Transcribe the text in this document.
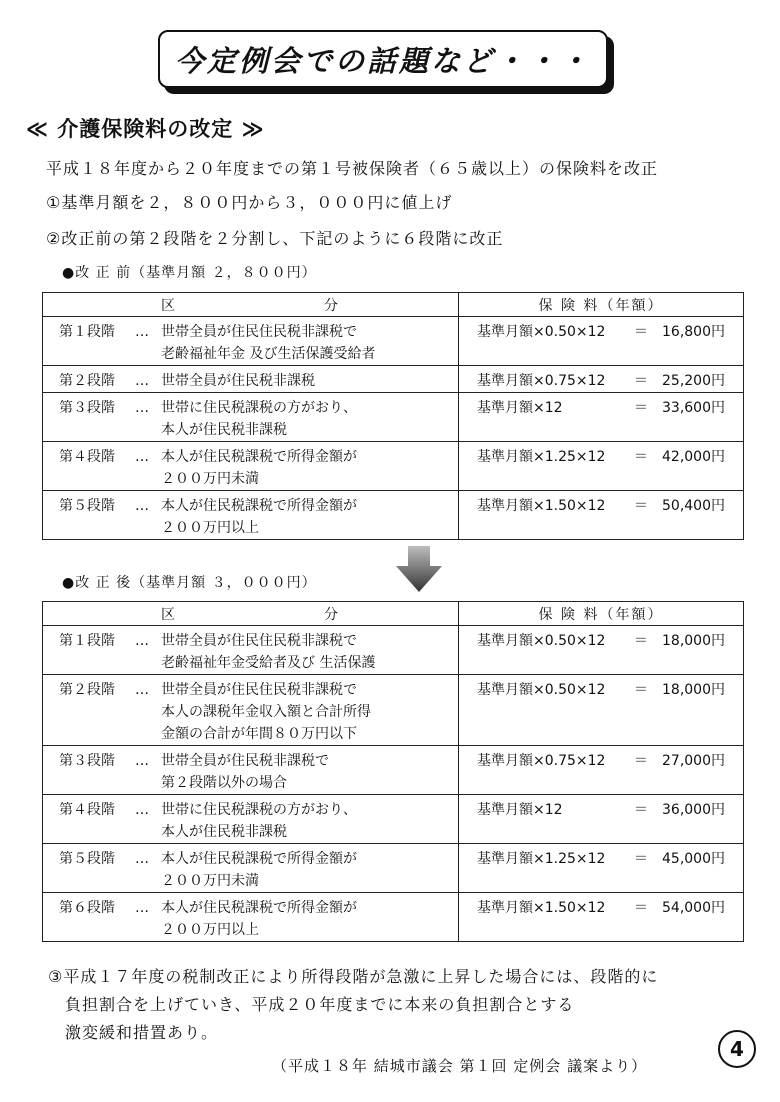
今定例会での話題など・・・
≪ 介護保険料の改定 ≫
平成１８年度から２０年度までの第１号被保険者（６５歳以上）の保険料を改正
①基準月額を２，８００円から３，０００円に値上げ
②改正前の第２段階を２分割し、下記のように６段階に改正
●改 正 前（基準月額 ２，８００円）
区 分	保 険 料（年額）

第１段階 … 世帯全員が住民住民税非課税で
老齢福祉年金 及び生活保護受給者	基準月額×0.50×12 ＝ 16,800円

第２段階 … 世帯全員が住民税非課税	基準月額×0.75×12 ＝ 25,200円

第３段階 … 世帯に住民税課税の方がおり、
本人が住民税非課税	基準月額×12 ＝ 33,600円

第４段階 … 本人が住民税課税で所得金額が
２００万円未満	基準月額×1.25×12 ＝ 42,000円

第５段階 … 本人が住民税課税で所得金額が
２００万円以上	基準月額×1.50×12 ＝ 50,400円
●改 正 後（基準月額 ３，０００円）
区 分	保 険 料（年額）

第１段階 … 世帯全員が住民住民税非課税で
老齢福祉年金受給者及び 生活保護	基準月額×0.50×12 ＝ 18,000円

第２段階 … 世帯全員が住民住民税非課税で
本人の課税年金収入額と合計所得
金額の合計が年間８０万円以下	基準月額×0.50×12 ＝ 18,000円

第３段階 … 世帯全員が住民税非課税で
第２段階以外の場合	基準月額×0.75×12 ＝ 27,000円

第４段階 … 世帯に住民税課税の方がおり、
本人が住民税非課税	基準月額×12 ＝ 36,000円

第５段階 … 本人が住民税課税で所得金額が
２００万円未満	基準月額×1.25×12 ＝ 45,000円

第６段階 … 本人が住民税課税で所得金額が
２００万円以上	基準月額×1.50×12 ＝ 54,000円
③平成１７年度の税制改正により所得段階が急激に上昇した場合には、段階的に
　負担割合を上げていき、平成２０年度までに本来の負担割合とする
　激変緩和措置あり。
（平成１８年 結城市議会 第１回 定例会 議案より）
4
